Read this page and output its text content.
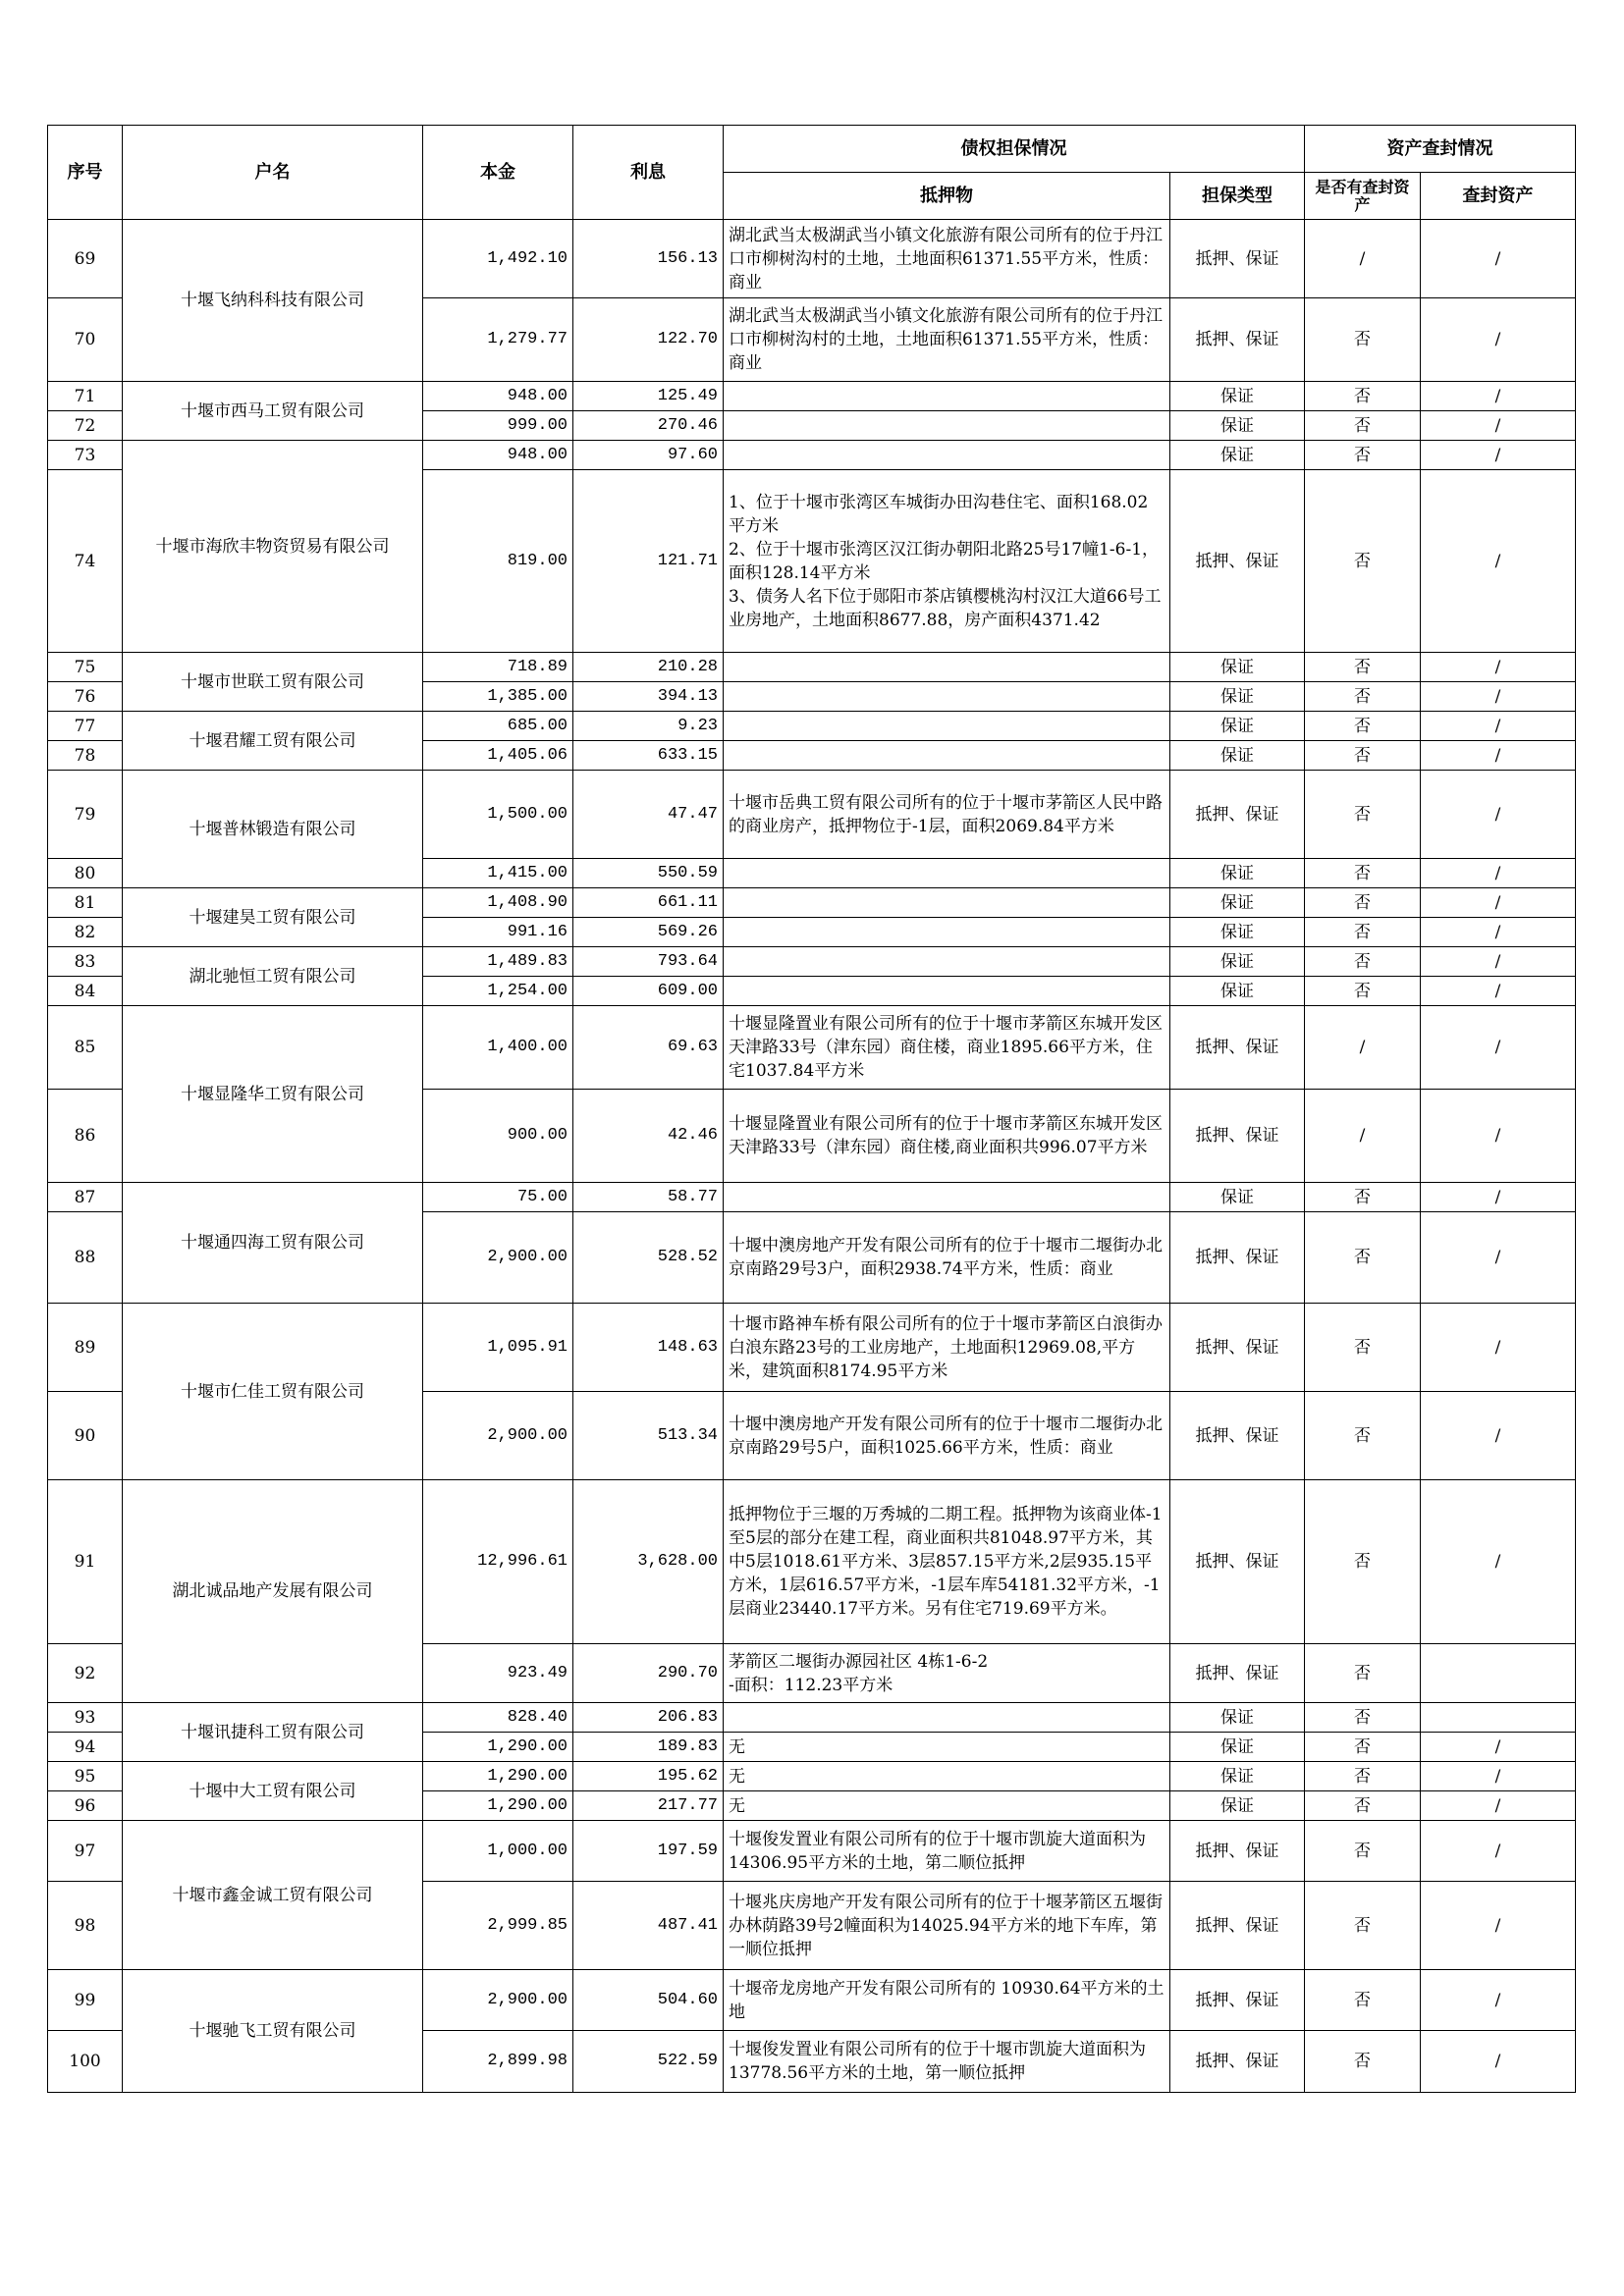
序号	户名	本金	利息	债权担保情况		资产查封情况	
				抵押物	担保类型	是否有查封资产	查封资产
69	十堰飞纳科科技有限公司	1,492.10	156.13	湖北武当太极湖武当小镇文化旅游有限公司所有的位于丹江口市柳树沟村的土地，土地面积61371.55平方米，性质：商业	抵押、保证	/	/
70		1,279.77	122.70	湖北武当太极湖武当小镇文化旅游有限公司所有的位于丹江口市柳树沟村的土地，土地面积61371.55平方米，性质：商业	抵押、保证	否	/
71	十堰市西马工贸有限公司	948.00	125.49		保证	否	/
72		999.00	270.46		保证	否	/
73	十堰市海欣丰物资贸易有限公司	948.00	97.60		保证	否	/
74		819.00	121.71	1、位于十堰市张湾区车城街办田沟巷住宅、面积168.02平方米
2、位于十堰市张湾区汉江街办朝阳北路25号17幢1-6-1，面积128.14平方米
3、债务人名下位于郧阳市茶店镇樱桃沟村汉江大道66号工业房地产，土地面积8677.88，房产面积4371.42	抵押、保证	否	/
75	十堰市世联工贸有限公司	718.89	210.28		保证	否	/
76		1,385.00	394.13		保证	否	/
77	十堰君耀工贸有限公司	685.00	9.23		保证	否	/
78		1,405.06	633.15		保证	否	/
79	十堰普林锻造有限公司	1,500.00	47.47	十堰市岳典工贸有限公司所有的位于十堰市茅箭区人民中路的商业房产，抵押物位于-1层，面积2069.84平方米	抵押、保证	否	/
80		1,415.00	550.59		保证	否	/
81	十堰建昊工贸有限公司	1,408.90	661.11		保证	否	/
82		991.16	569.26		保证	否	/
83	湖北驰恒工贸有限公司	1,489.83	793.64		保证	否	/
84		1,254.00	609.00		保证	否	/
85	十堰显隆华工贸有限公司	1,400.00	69.63	十堰显隆置业有限公司所有的位于十堰市茅箭区东城开发区天津路33号（津东园）商住楼，商业1895.66平方米，住宅1037.84平方米	抵押、保证	/	/
86		900.00	42.46	十堰显隆置业有限公司所有的位于十堰市茅箭区东城开发区天津路33号（津东园）商住楼,商业面积共996.07平方米	抵押、保证	/	/
87	十堰通四海工贸有限公司	75.00	58.77		保证	否	/
88		2,900.00	528.52	十堰中澳房地产开发有限公司所有的位于十堰市二堰街办北京南路29号3户，面积2938.74平方米，性质：商业	抵押、保证	否	/
89	十堰市仁佳工贸有限公司	1,095.91	148.63	十堰市路神车桥有限公司所有的位于十堰市茅箭区白浪街办白浪东路23号的工业房地产，土地面积12969.08,平方米，建筑面积8174.95平方米	抵押、保证	否	/
90		2,900.00	513.34	十堰中澳房地产开发有限公司所有的位于十堰市二堰街办北京南路29号5户，面积1025.66平方米，性质：商业	抵押、保证	否	/
91	湖北诚品地产发展有限公司	12,996.61	3,628.00	抵押物位于三堰的万秀城的二期工程。抵押物为该商业体-1至5层的部分在建工程，商业面积共81048.97平方米，其中5层1018.61平方米、3层857.15平方米,2层935.15平方米，1层616.57平方米，-1层车库54181.32平方米，-1层商业23440.17平方米。另有住宅719.69平方米。	抵押、保证	否	/
92		923.49	290.70	茅箭区二堰街办源园社区 4栋1-6-2
-面积：112.23平方米	抵押、保证	否	
93	十堰讯捷科工贸有限公司	828.40	206.83		保证	否	
94		1,290.00	189.83	无	保证	否	/
95	十堰中大工贸有限公司	1,290.00	195.62	无	保证	否	/
96		1,290.00	217.77	无	保证	否	/
97	十堰市鑫金诚工贸有限公司	1,000.00	197.59	十堰俊发置业有限公司所有的位于十堰市凯旋大道面积为14306.95平方米的土地，第二顺位抵押	抵押、保证	否	/
98		2,999.85	487.41	十堰兆庆房地产开发有限公司所有的位于十堰茅箭区五堰街办林荫路39号2幢面积为14025.94平方米的地下车库，第一顺位抵押	抵押、保证	否	/
99	十堰驰飞工贸有限公司	2,900.00	504.60	十堰帝龙房地产开发有限公司所有的 10930.64平方米的土地	抵押、保证	否	/
100		2,899.98	522.59	十堰俊发置业有限公司所有的位于十堰市凯旋大道面积为13778.56平方米的土地，第一顺位抵押	抵押、保证	否	/
